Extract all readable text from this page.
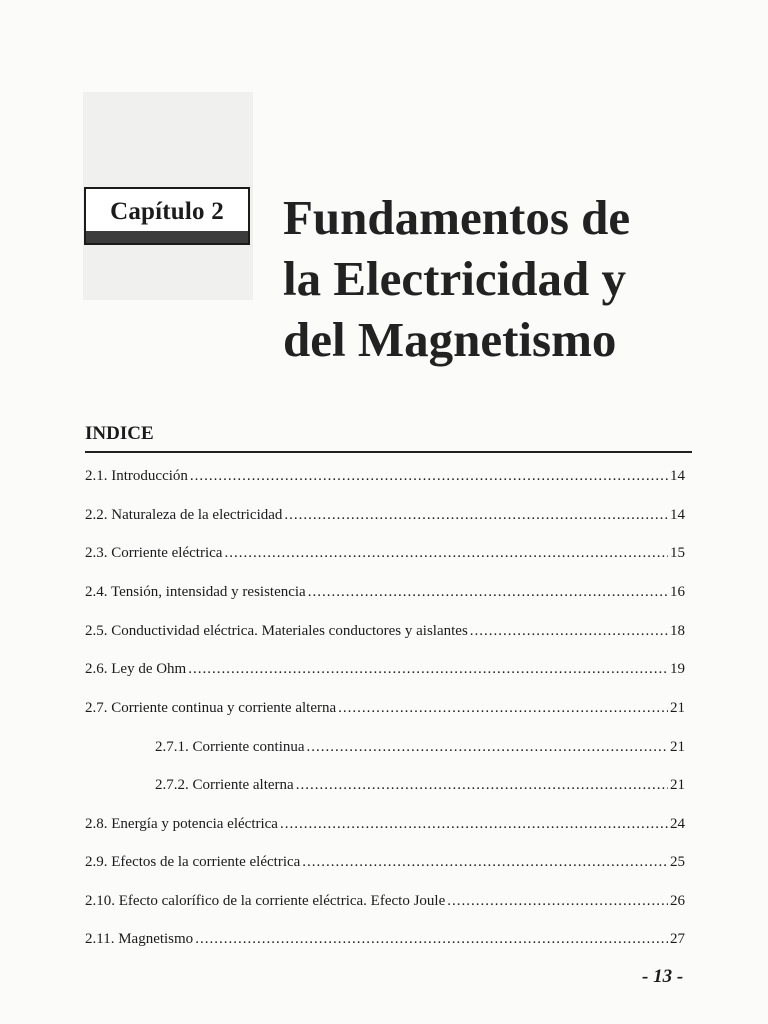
Capítulo 2	Fundamentos de
la Electricidad y
del Magnetismo
INDICE
2.1. Introducción .....	14
2.2. Naturaleza de la electricidad .....	14
2.3. Corriente eléctrica .....	15
2.4. Tensión, intensidad y resistencia .....	16
2.5. Conductividad eléctrica. Materiales conductores y aislantes .....	18
2.6. Ley de Ohm .....	19
2.7. Corriente continua y corriente alterna .....	21
2.7.1. Corriente continua .....	21
2.7.2. Corriente alterna .....	21
2.8. Energía y potencia eléctrica .....	24
2.9. Efectos de la corriente eléctrica .....	25
2.10. Efecto calorífico de la corriente eléctrica. Efecto Joule .....	26
2.11. Magnetismo .....	27
- 13 -
